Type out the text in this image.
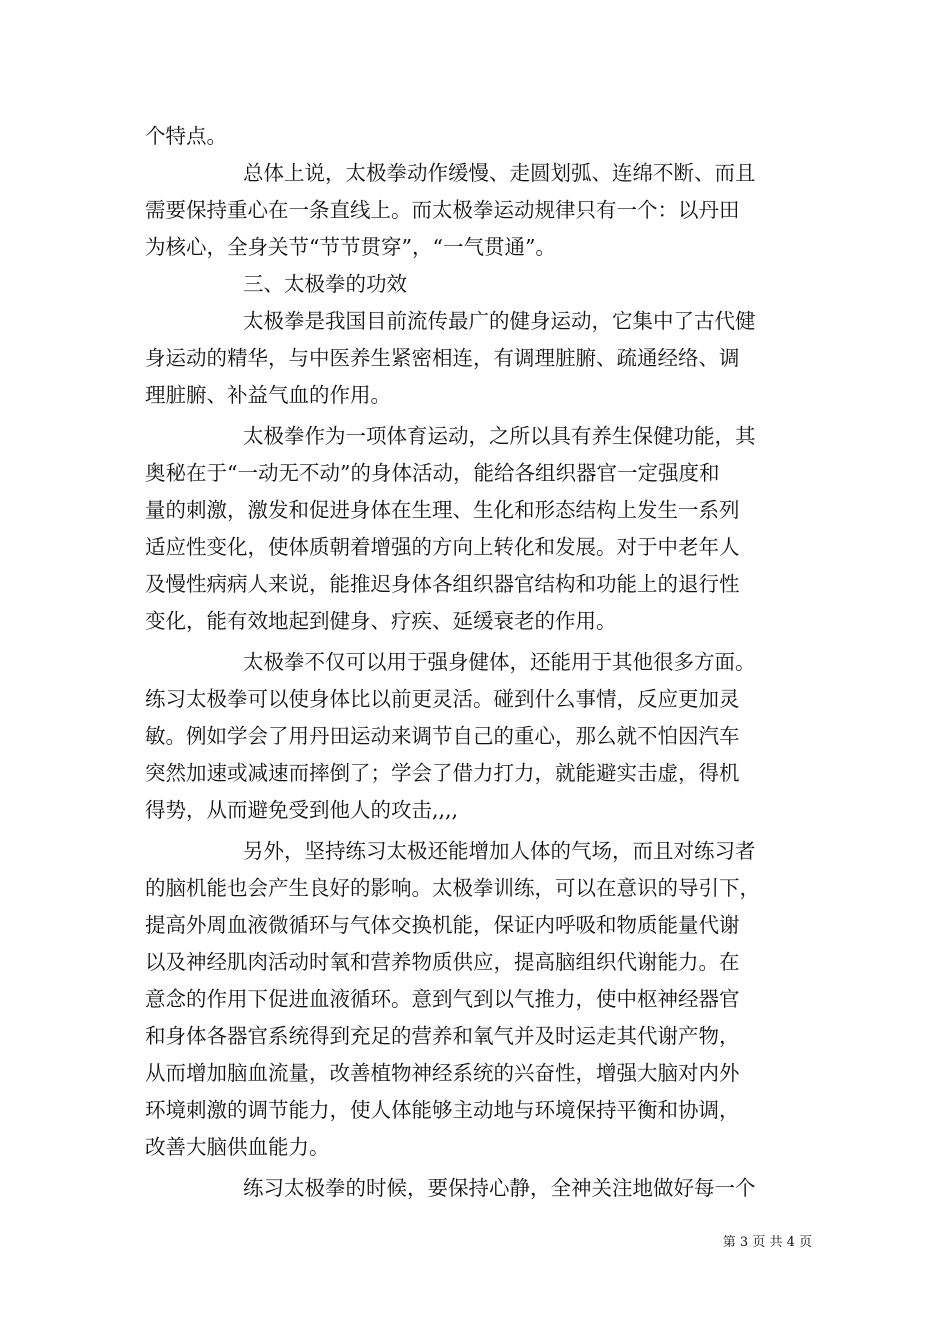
个特点。
总体上说，太极拳动作缓慢、走圆划弧、连绵不断、而且
需要保持重心在一条直线上。而太极拳运动规律只有一个：以丹田
为核心，全身关节“节节贯穿”，“一气贯通”。
三、太极拳的功效
太极拳是我国目前流传最广的健身运动，它集中了古代健
身运动的精华，与中医养生紧密相连，有调理脏腑、疏通经络、调
理脏腑、补益气血的作用。
太极拳作为一项体育运动，之所以具有养生保健功能，其
奥秘在于“一动无不动”的身体活动，能给各组织器官一定强度和
量的刺激，激发和促进身体在生理、生化和形态结构上发生一系列
适应性变化，使体质朝着增强的方向上转化和发展。对于中老年人
及慢性病病人来说，能推迟身体各组织器官结构和功能上的退行性
变化，能有效地起到健身、疗疾、延缓衰老的作用。
太极拳不仅可以用于强身健体，还能用于其他很多方面。
练习太极拳可以使身体比以前更灵活。碰到什么事情，反应更加灵
敏。例如学会了用丹田运动来调节自己的重心，那么就不怕因汽车
突然加速或减速而摔倒了；学会了借力打力，就能避实击虚，得机
得势，从而避免受到他人的攻击,,,,
另外，坚持练习太极还能增加人体的气场，而且对练习者
的脑机能也会产生良好的影响。太极拳训练，可以在意识的导引下，
提高外周血液微循环与气体交换机能，保证内呼吸和物质能量代谢
以及神经肌肉活动时氧和营养物质供应，提高脑组织代谢能力。在
意念的作用下促进血液循环。意到气到以气推力，使中枢神经器官
和身体各器官系统得到充足的营养和氧气并及时运走其代谢产物，
从而增加脑血流量，改善植物神经系统的兴奋性，增强大脑对内外
环境刺激的调节能力，使人体能够主动地与环境保持平衡和协调，
改善大脑供血能力。
练习太极拳的时候，要保持心静，全神关注地做好每一个
第 3 页 共 4 页
